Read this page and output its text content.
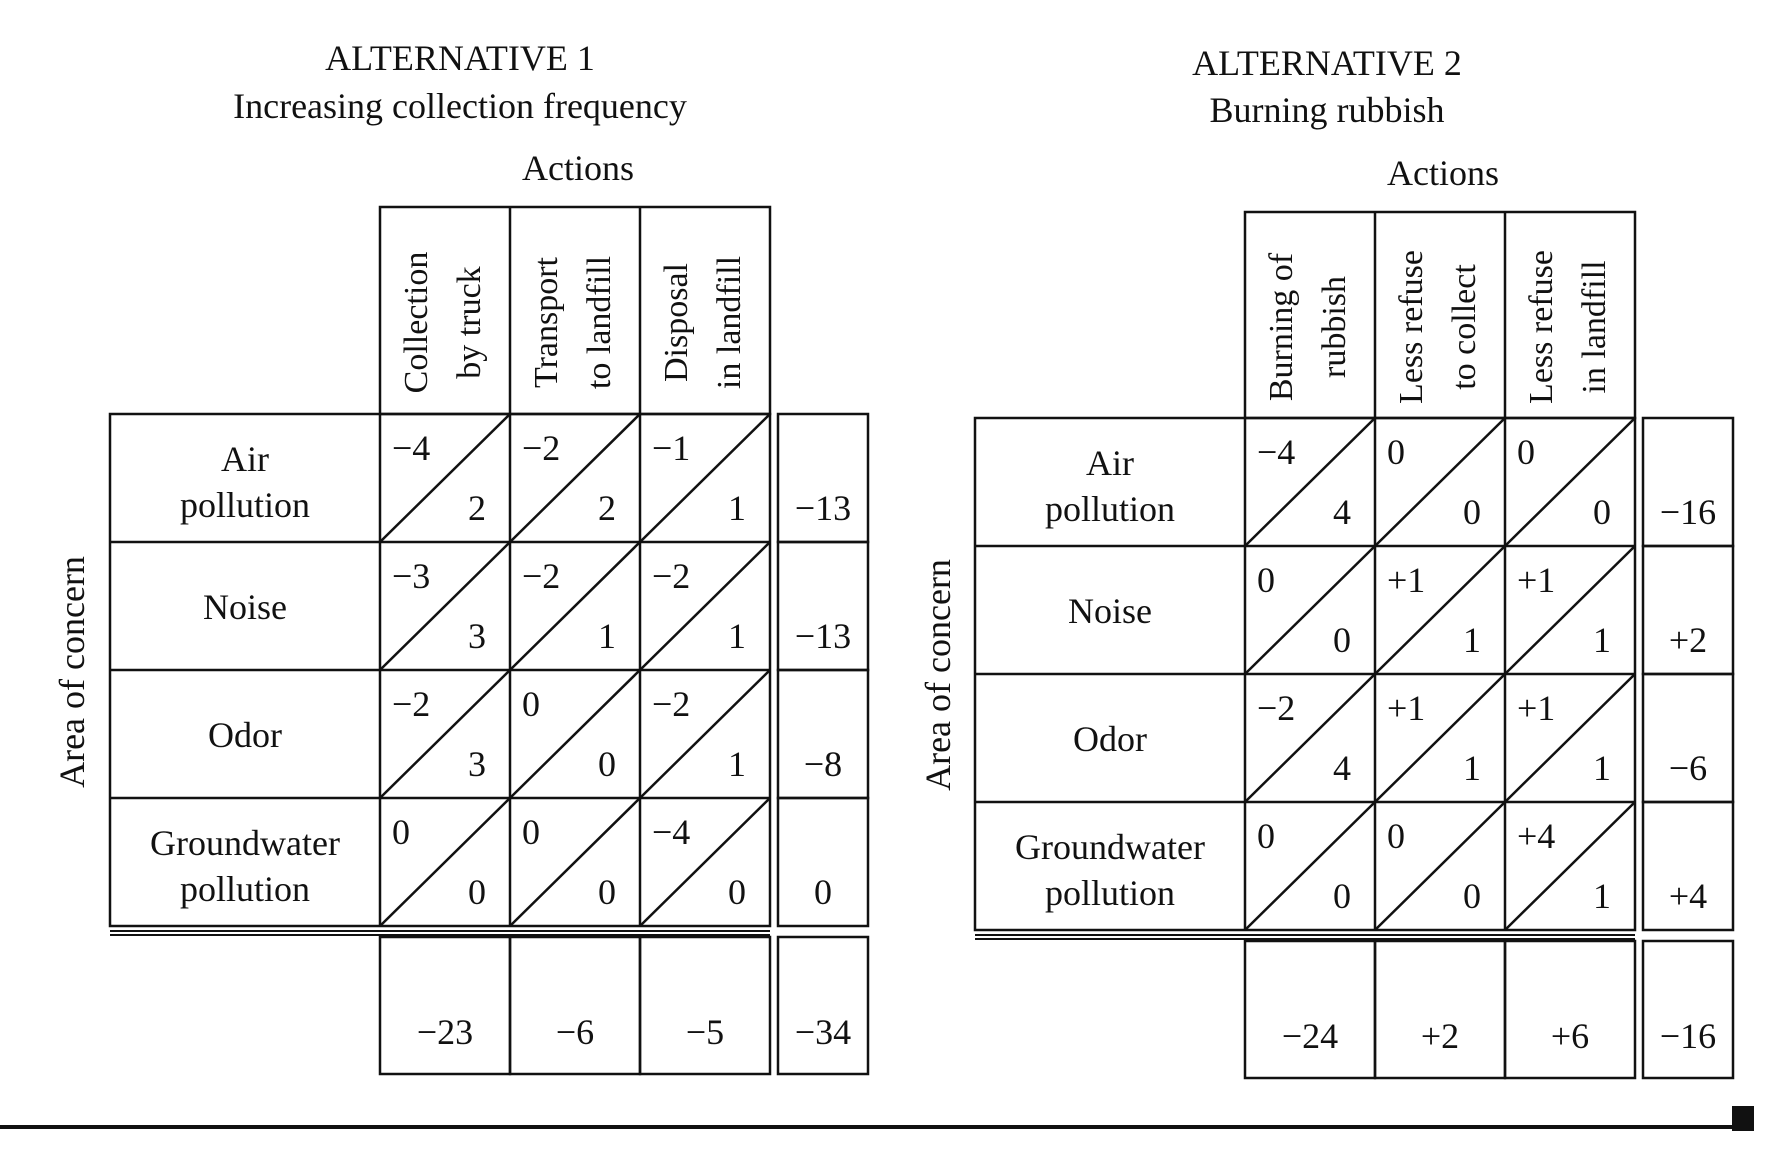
ALTERNATIVE 1
Increasing collection frequency
Actions
Area of concern
Collection by truck Transport to landfill Disposal in landfill
Air
pollution
Noise
Odor
Groundwater
pollution
−4
2
−2
2
−1
1
−3
3
−2
1
−2
1
−2
3
0
0
−2
1
0
0
0
0
−4
0
−13
−13
−8
0
−23 −6	−5 −34
ALTERNATIVE 2
Burning rubbish
Actions
Area of concern
Burning of rubbish Less refuse to collect Less refuse in landfill
Air
pollution
Noise
Odor
Groundwater
pollution
−4
4
0
0
0
0
0
0
+1
1
+1
1
−2
4
+1
1
+1
1
0
0
0
0
+4
1
−16
+2
−6
+4
−24 +2	+6 −16
